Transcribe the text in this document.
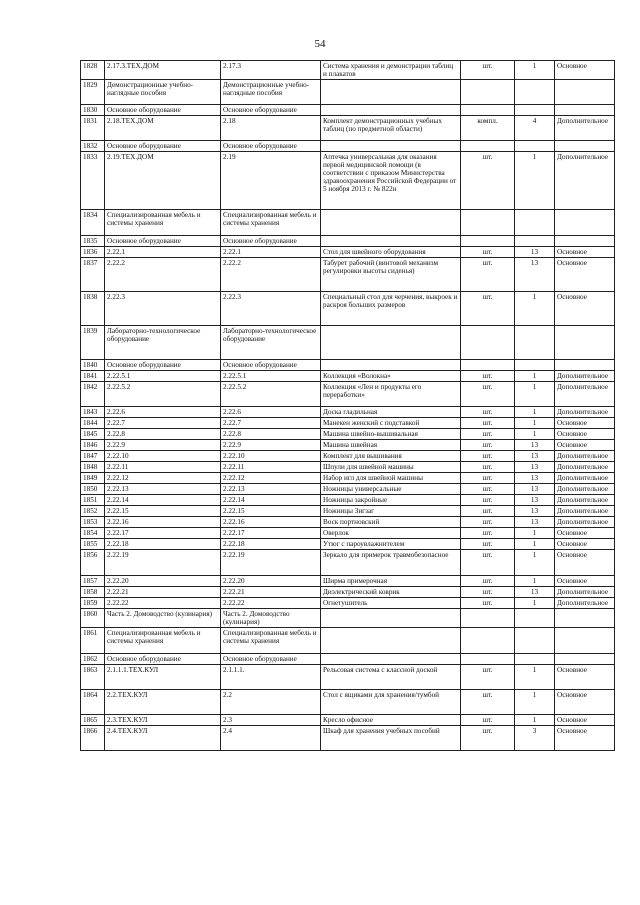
54
1828	2.17.3.ТЕХ.ДОМ	2.17.3	Система хранения и демонстрации таблиц и плакатов	шт.	1	Основное
1829	Демонстрационные учебно-наглядные пособия	Демонстрационные учебно-наглядные пособия				
1830	Основное оборудование	Основное оборудование				
1831	2.18.ТЕХ.ДОМ	2.18	Комплект демонстрационных учебных таблиц (по предметной области)	компл.	4	Дополнительное
1832	Основное оборудование	Основное оборудование				
1833	2.19.ТЕХ.ДОМ	2.19	Аптечка универсальная для оказания первой медицинской помощи (в соответствии с приказом Министерства здравоохранения Российской Федерации от 5 ноября 2013 г. № 822н	шт.	1	Дополнительное
1834	Специализированная мебель и системы хранения	Специализированная мебель и системы хранения				
1835	Основное оборудование	Основное оборудование				
1836	2.22.1	2.22.1	Стол для швейного оборудования	шт.	13	Основное
1837	2.22.2	2.22.2	Табурет рабочий (винтовой механизм регулировки высоты сиденья)	шт.	13	Основное
1838	2.22.3	2.22.3	Специальный стол для черчения, выкроек и раскроя больших размеров	шт.	1	Основное
1839	Лабораторно-технологическое оборудование	Лабораторно-технологическое оборудование				
1840	Основное оборудование	Основное оборудование				
1841	2.22.5.1	2.22.5.1	Коллекция «Волокна»	шт.	1	Дополнительное
1842	2.22.5.2	2.22.5.2	Коллекция «Лен и продукты его переработки»	шт.	1	Дополнительное
1843	2.22.6	2.22.6	Доска гладильная	шт.	1	Дополнительное
1844	2.22.7	2.22.7	Манекен женский с подставкой	шт.	1	Основное
1845	2.22.8	2.22.8	Машина швейно-вышивальная	шт.	1	Основное
1846	2.22.9	2.22.9	Машина швейная	шт.	13	Основное
1847	2.22.10	2.22.10	Комплект для вышивания	шт.	13	Дополнительное
1848	2.22.11	2.22.11	Шпули для швейной машины	шт.	13	Дополнительное
1849	2.22.12	2.22.12	Набор игл для швейной машины	шт.	13	Дополнительное
1850	2.22.13	2.22.13	Ножницы универсальные	шт.	13	Дополнительное
1851	2.22.14	2.22.14	Ножницы закройные	шт.	13	Дополнительное
1852	2.22.15	2.22.15	Ножницы Зигзаг	шт.	13	Дополнительное
1853	2.22.16	2.22.16	Воск портновский	шт.	13	Дополнительное
1854	2.22.17	2.22.17	Оверлок	шт.	1	Основное
1855	2.22.18	2.22.18	Утюг с пароувлажнителем	шт.	1	Основное
1856	2.22.19	2.22.19	Зеркало для примерок травмобезопасное	шт.	1	Основное
1857	2.22.20	2.22.20	Ширма примерочная	шт.	1	Основное
1858	2.22.21	2.22.21	Диэлектрический коврик	шт.	13	Дополнительное
1859	2.22.22	2.22.22	Огнетушитель	шт.	1	Дополнительное
1860	Часть 2. Домоводство (кулинария)	Часть 2. Домоводство (кулинария)				
1861	Специализированная мебель и системы хранения	Специализированная мебель и системы хранения				
1862	Основное оборудование	Основное оборудование				
1863	2.1.1.1.ТЕХ.КУЛ	2.1.1.1.	Рельсовая система с классной доской	шт.	1	Основное
1864	2.2.ТЕХ.КУЛ	2.2	Стол с ящиками для хранения/тумбой	шт.	1	Основное
1865	2.3.ТЕХ.КУЛ	2.3	Кресло офисное	шт.	1	Основное
1866	2.4.ТЕХ.КУЛ	2.4	Шкаф для хранения учебных пособий	шт.	3	Основное
